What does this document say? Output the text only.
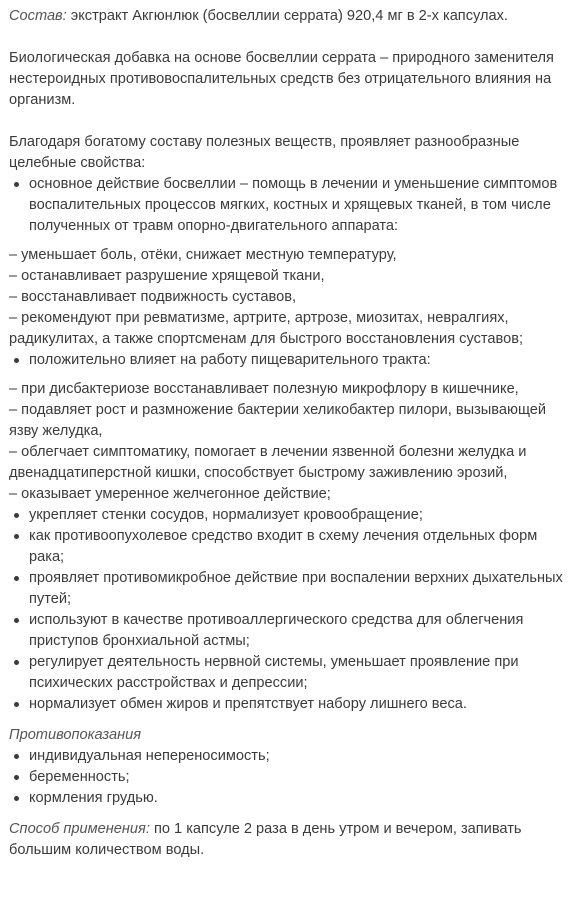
Состав: экстракт Акгюнлюк (босвеллии серрата) 920,4 мг в 2-х капсулах.

Биологическая добавка на основе босвеллии серрата – природного заменителя нестероидных противовоспалительных средств без отрицательного влияния на организм.

Благодаря богатому составу полезных веществ, проявляет разнообразные целебные свойства:

основное действие босвеллии – помощь в лечении и уменьшение симптомов воспалительных процессов мягких, костных и хрящевых тканей, в том числе полученных от травм опорно-двигательного аппарата:

– уменьшает боль, отёки, снижает местную температуру,

– останавливает разрушение хрящевой ткани,

– восстанавливает подвижность суставов,

– рекомендуют при ревматизме, артрите, артрозе, миозитах, невралгиях, радикулитах, а также спортсменам для быстрого восстановления суставов;

положительно влияет на работу пищеварительного тракта:

– при дисбактериозе восстанавливает полезную микрофлору в кишечнике,

– подавляет рост и размножение бактерии хеликобактер пилори, вызывающей язву желудка,

– облегчает симптоматику, помогает в лечении язвенной болезни желудка и двенадцатиперстной кишки, способствует быстрому заживлению эрозий,

– оказывает умеренное желчегонное действие;

укрепляет стенки сосудов, нормализует кровообращение;
как противоопухолевое средство входит в схему лечения отдельных форм рака;
проявляет противомикробное действие при воспалении верхних дыхательных путей;
используют в качестве противоаллергического средства для облегчения приступов бронхиальной астмы;
регулирует деятельность нервной системы, уменьшает проявление при психических расстройствах и депрессии;
нормализует обмен жиров и препятствует набору лишнего веса.

Противопоказания

индивидуальная непереносимость;
беременность;
кормления грудью.

Способ применения: по 1 капсуле 2 раза в день утром и вечером, запивать большим количеством воды.
